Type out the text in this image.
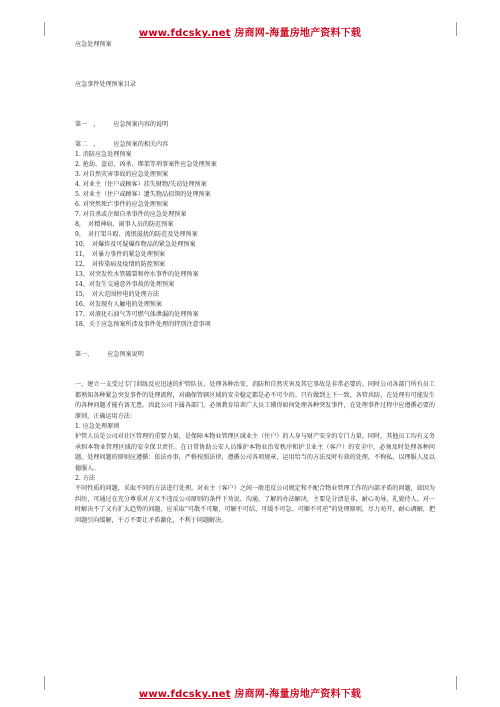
www.fdcsky.net 房商网-海量房地产资料下载
应急处理预案
应急事件处理预案目录
第一　， 应急预案内容的说明
第二　， 应急预案的相关内容
1. 消防应急处理预案
2. 抢劫、盗窃、凶杀、绑架等刑事案件应急处理预案
3. 对自然灾害事故的应急处理预案
4. 对业主（住户或顾客）挂失财物/失窃处理预案
5. 对业主（住户或顾客）遗失物品招领的处理预案
6. 对突然死亡事件的应急处理预案
7. 对自杀或企图自杀事件的应急处理预案
8，　对精神病、闹事人员的防范预案
9，　对打架斗殴、流氓滋扰的防范及处理预案
10，　对爆炸及可疑爆炸物品的紧急处理预案
11，　对暴力事件的紧急处理预案
12，　对传染病及疫情的防控预案
13、对突发性水管破裂和停水事件的处理预案
14、对发生交通意外事故的处理预案
15，　对大范围停电的处理方法
16、对发现有人触电的处理预案
17、对液化石油气等可燃气体泄漏的处理预案
18、关于应急预案所涉及事件处理的特别注意事项
第一、 应急预案说明
一、建立一支受过专门训练反应迅速的护管队伍，处理各种治安、消防和自然灾害及其它事故是非常必要的。同时公司各部门所有员工都熟知各种紧急突发事件的处理流程，对确保管辖区域的安全稳定都是必不可少的。只有做到上下一致，各管共防，在处理有可能发生的各种问题才能有备无患。因此公司下属各部门，必须教育培训广大员工懂得如何处理各种突发事件，在处理事件过程中应遵循必要的原则，正确运用方法：
1. 应急处理原则
护管人员是公司对社区管理的重要力量，是保障本物业管理区域业主（住户）的人身与财产安全的专门力量。同时，其他员工均有义务承担本物业管理区域的安全保卫责任。在日常协助公安人员维护本物业治安秩序和护卫业主（客户）的安全中，必须及时处理各种问题。处理问题的原则应遵循：依法办事，严格按照法律，遵循公司各项规章，运用恰当的方法及时有效的处理，不徇私，以理服人及以德服人。
2. 方法
不同性质的问题，采取不同的方法进行处理。对业主（客户）之间一般违反公司规定和不配合物业管理工作的内部矛盾的问题，如因为纠纷，可通过在充分尊重对方又不违反公司原则的条件下劝说、沟通、了解的办法解决，主要是分清是非，耐心劝导，礼貌待人。对一时解决不了又有扩大趋势的问题，应采取“可散不可聚，可解不可结、可缓不可急、可顺不可逆”的处理原则，尽力劝开，耐心调解，把问题引向缓解，千万不要让矛盾激化，不利于问题解决。
www.fdcsky.net 房商网-海量房地产资料下载
